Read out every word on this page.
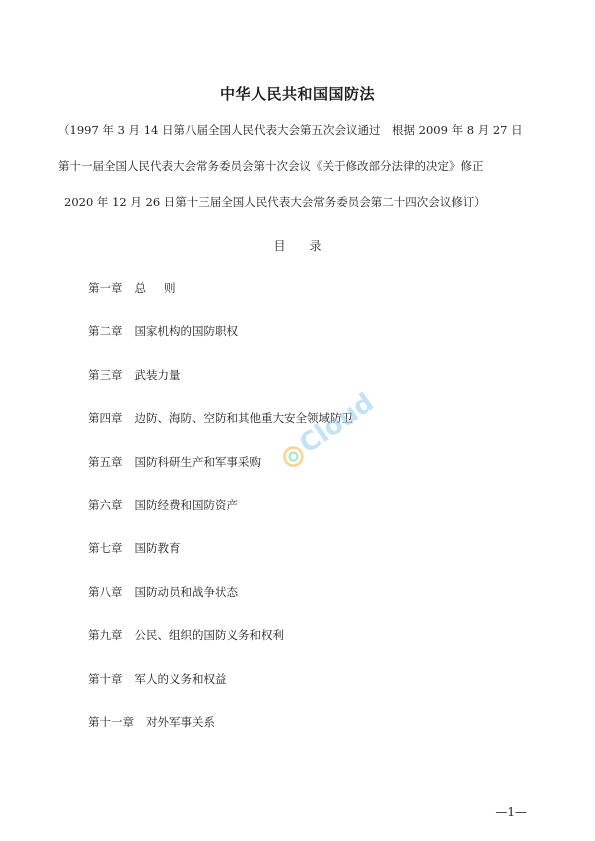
中华人民共和国国防法
（1997 年 3 月 14 日第八届全国人民代表大会第五次会议通过　根据 2009 年 8 月 27 日
第十一届全国人民代表大会常务委员会第十次会议《关于修改部分法律的决定》修正
2020 年 12 月 26 日第十三届全国人民代表大会常务委员会第二十四次会议修订）
目 录
第一章 总则
第二章 国家机构的国防职权
第三章 武装力量
第四章 边防、海防、空防和其他重大安全领域防卫
第五章 国防科研生产和军事采购
第六章 国防经费和国防资产
第七章 国防教育
第八章 国防动员和战争状态
第九章 公民、组织的国防义务和权利
第十章 军人的义务和权益
第十一章 对外军事关系
Cloud
—1—
